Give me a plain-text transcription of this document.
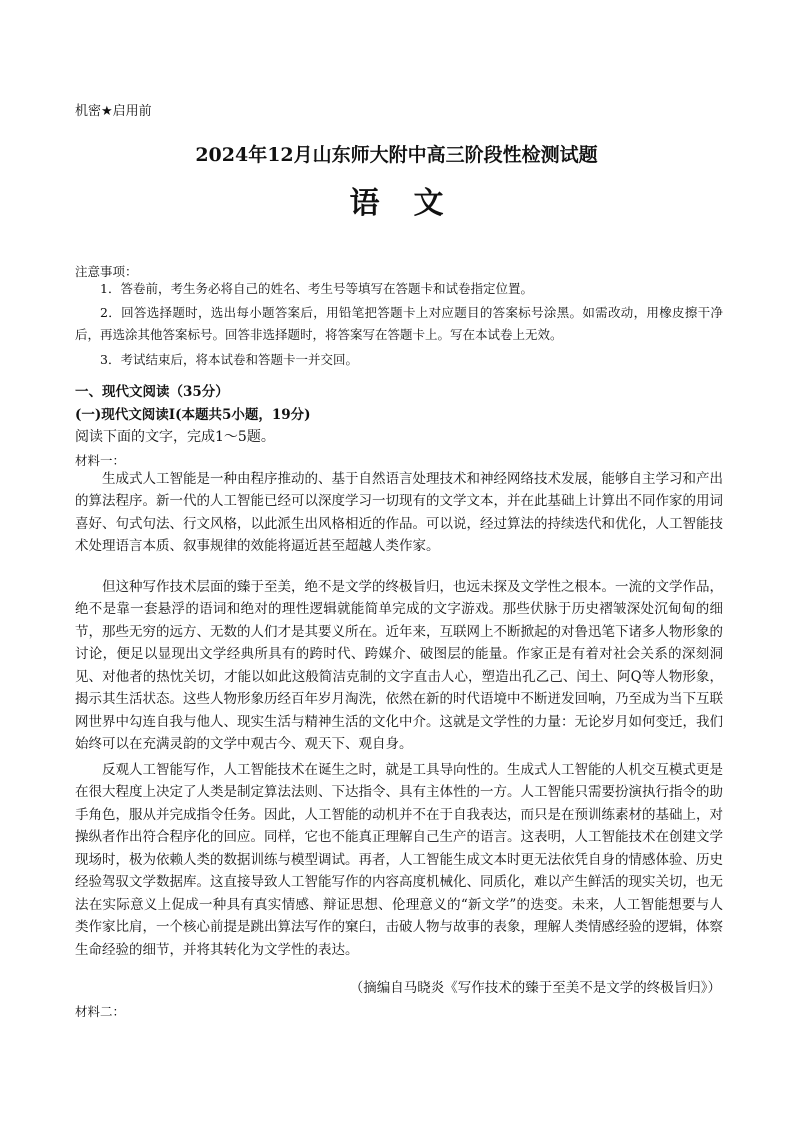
机密★启用前
2024年12月山东师大附中高三阶段性检测试题
语文
注意事项：

1．答卷前，考生务必将自己的姓名、考生号等填写在答题卡和试卷指定位置。

2．回答选择题时，选出每小题答案后，用铅笔把答题卡上对应题目的答案标号涂黑。如需改动，用橡皮擦干净后，再选涂其他答案标号。回答非选择题时，将答案写在答题卡上。写在本试卷上无效。

3．考试结束后，将本试卷和答题卡一并交回。

一、现代文阅读（35分）
(一)现代文阅读Ⅰ(本题共5小题，19分)
阅读下面的文字，完成1～5题。
材料一：

生成式人工智能是一种由程序推动的、基于自然语言处理技术和神经网络技术发展，能够自主学习和产出的算法程序。新一代的人工智能已经可以深度学习一切现有的文学文本，并在此基础上计算出不同作家的用词喜好、句式句法、行文风格，以此派生出风格相近的作品。可以说，经过算法的持续迭代和优化，人工智能技术处理语言本质、叙事规律的效能将逼近甚至超越人类作家。

但这种写作技术层面的臻于至美，绝不是文学的终极旨归，也远未探及文学性之根本。一流的文学作品，绝不是靠一套悬浮的语词和绝对的理性逻辑就能简单完成的文字游戏。那些伏脉于历史褶皱深处沉甸甸的细节，那些无穷的远方、无数的人们才是其要义所在。近年来，互联网上不断掀起的对鲁迅笔下诸多人物形象的讨论，便足以显现出文学经典所具有的跨时代、跨媒介、破图层的能量。作家正是有着对社会关系的深刻洞见、对他者的热忱关切，才能以如此这般简洁克制的文字直击人心，塑造出孔乙己、闰土、阿Q等人物形象，揭示其生活状态。这些人物形象历经百年岁月淘洗，依然在新的时代语境中不断迸发回响，乃至成为当下互联网世界中勾连自我与他人、现实生活与精神生活的文化中介。这就是文学性的力量：无论岁月如何变迁，我们始终可以在充满灵韵的文学中观古今、观天下、观自身。

反观人工智能写作，人工智能技术在诞生之时，就是工具导向性的。生成式人工智能的人机交互模式更是在很大程度上决定了人类是制定算法法则、下达指令、具有主体性的一方。人工智能只需要扮演执行指令的助手角色，服从并完成指令任务。因此，人工智能的动机并不在于自我表达，而只是在预训练素材的基础上，对操纵者作出符合程序化的回应。同样，它也不能真正理解自己生产的语言。这表明，人工智能技术在创建文学现场时，极为依赖人类的数据训练与模型调试。再者，人工智能生成文本时更无法依凭自身的情感体验、历史经验驾驭文学数据库。这直接导致人工智能写作的内容高度机械化、同质化，难以产生鲜活的现实关切，也无法在实际意义上促成一种具有真实情感、辩证思想、伦理意义的“新文学”的迭变。未来，人工智能想要与人类作家比肩，一个核心前提是跳出算法写作的窠臼，击破人物与故事的表象，理解人类情感经验的逻辑，体察生命经验的细节，并将其转化为文学性的表达。

（摘编自马晓炎《写作技术的臻于至美不是文学的终极旨归》）
材料二：
